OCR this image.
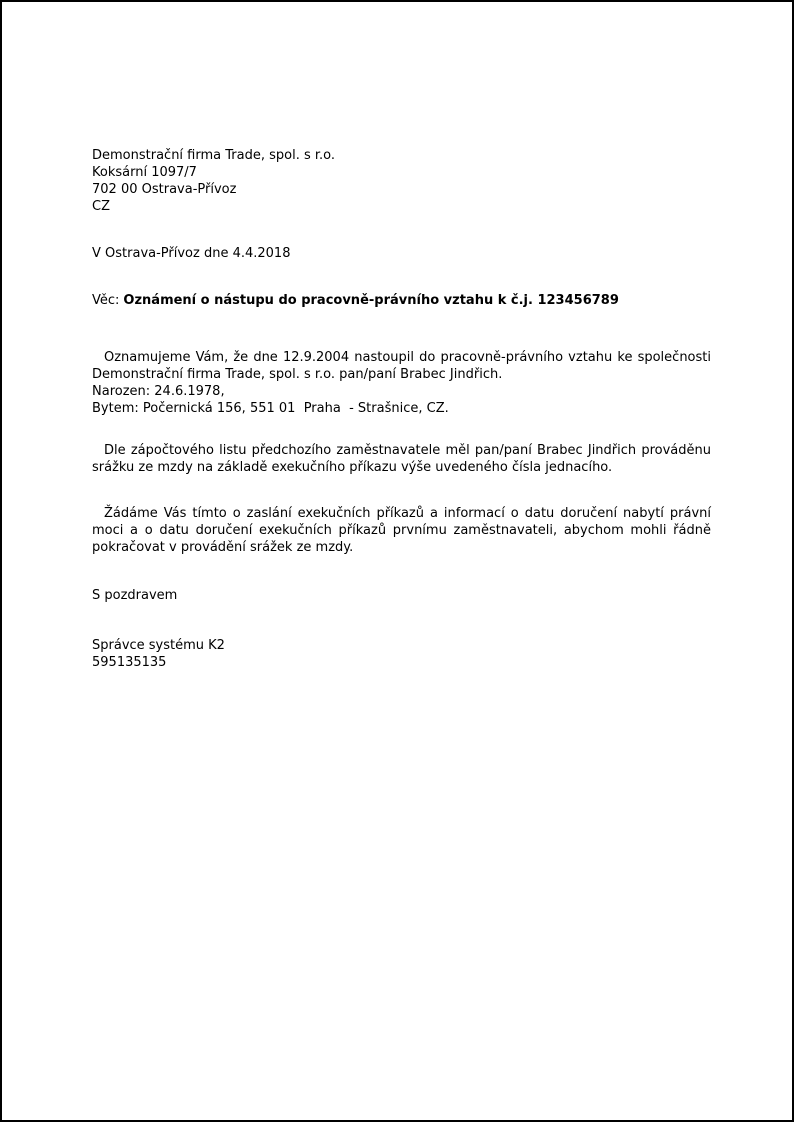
Demonstrační firma Trade, spol. s r.o.
Koksární 1097/7
702 00 Ostrava-Přívoz
CZ
V Ostrava-Přívoz dne 4.4.2018
Věc: Oznámení o nástupu do pracovně-právního vztahu k č.j. 123456789

Oznamujeme Vám, že dne 12.9.2004 nastoupil do pracovně-právního vztahu ke společnosti Demonstrační firma Trade, spol. s r.o. pan/paní Brabec Jindřich.

Narozen: 24.6.1978,
Bytem: Počernická 156, 551 01  Praha  - Strašnice, CZ.

Dle zápočtového listu předchozího zaměstnavatele měl pan/paní Brabec Jindřich prováděnu srážku ze mzdy na základě exekučního příkazu výše uvedeného čísla jednacího.

Žádáme Vás tímto o zaslání exekučních příkazů a informací o datu doručení nabytí právní moci a o datu doručení exekučních příkazů prvnímu zaměstnavateli, abychom mohli řádně pokračovat v provádění srážek ze mzdy.

S pozdravem
Správce systému K2
595135135
